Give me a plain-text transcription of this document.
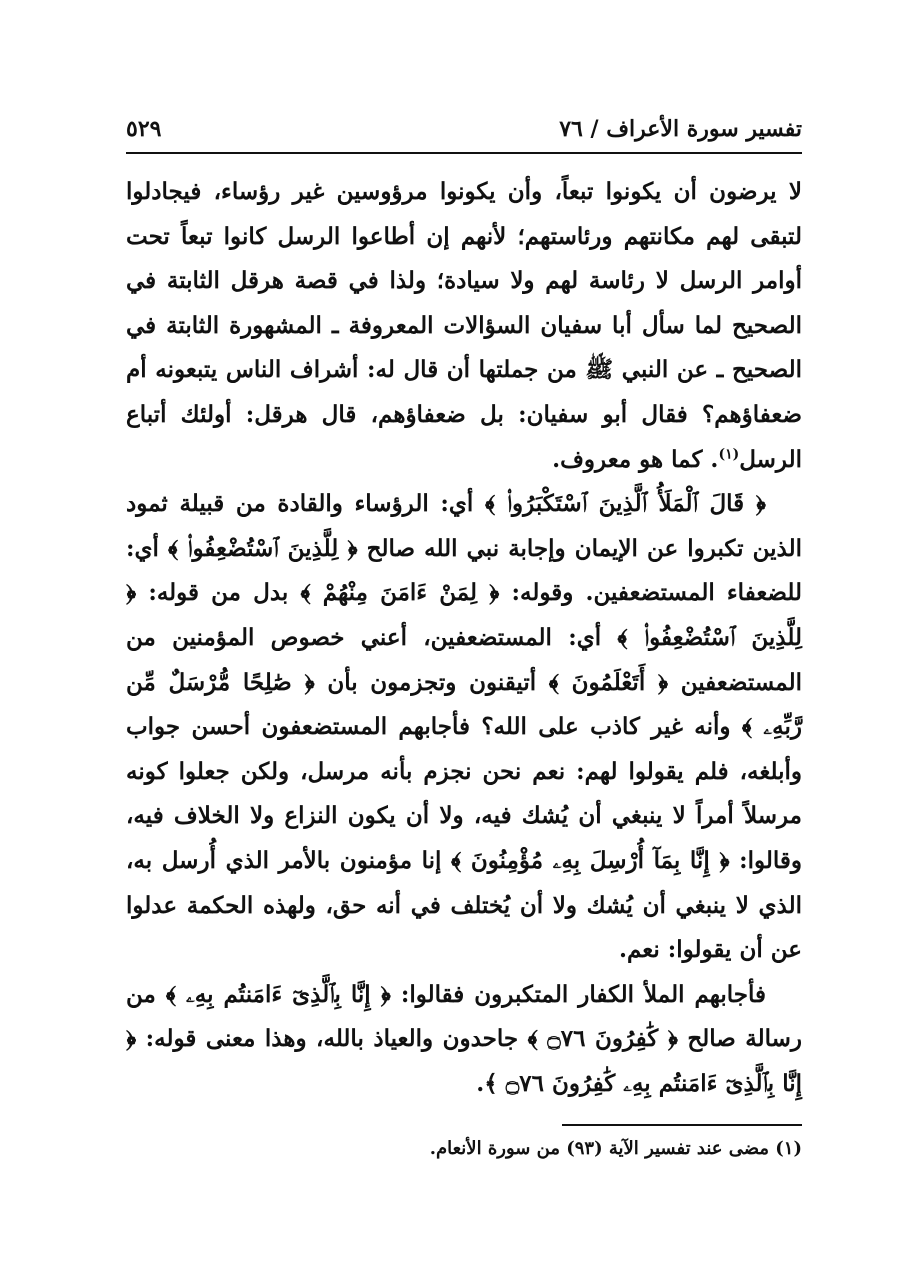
تفسير سورة الأعراف / ٧٦
٥٢٩

لا يرضون أن يكونوا تبعاً، وأن يكونوا مرؤوسين غير رؤساء، فيجادلوا لتبقى لهم مكانتهم ورئاستهم؛ لأنهم إن أطاعوا الرسل كانوا تبعاً تحت أوامر الرسل لا رئاسة لهم ولا سيادة؛ ولذا في قصة هرقل الثابتة في الصحيح لما سأل أبا سفيان السؤالات المعروفة ـ المشهورة الثابتة في الصحيح ـ عن النبي ﷺ من جملتها أن قال له: أشراف الناس يتبعونه أم ضعفاؤهم؟ فقال أبو سفيان: بل ضعفاؤهم، قال هرقل: أولئك أتباع الرسل$^{(١)}$. كما هو معروف.

﴿ قَالَ ٱلْمَلَأُ ٱلَّذِينَ ٱسْتَكْبَرُوا۟ ﴾ أي: الرؤساء والقادة من قبيلة ثمود الذين تكبروا عن الإيمان وإجابة نبي الله صالح ﴿ لِلَّذِينَ ٱسْتُضْعِفُوا۟ ﴾ أي: للضعفاء المستضعفين. وقوله: ﴿ لِمَنْ ءَامَنَ مِنْهُمْ ﴾ بدل من قوله: ﴿ لِلَّذِينَ ٱسْتُضْعِفُوا۟ ﴾ أي: المستضعفين، أعني خصوص المؤمنين من المستضعفين ﴿ أَتَعْلَمُونَ ﴾ أتيقنون وتجزمون بأن ﴿ صَٰلِحًا مُّرْسَلٌ مِّن رَّبِّهِۦ ﴾ وأنه غير كاذب على الله؟ فأجابهم المستضعفون أحسن جواب وأبلغه، فلم يقولوا لهم: نعم نحن نجزم بأنه مرسل، ولكن جعلوا كونه مرسلاً أمراً لا ينبغي أن يُشك فيه، ولا أن يكون النزاع ولا الخلاف فيه، وقالوا: ﴿ إِنَّا بِمَآ أُرْسِلَ بِهِۦ مُؤْمِنُونَ ﴾ إنا مؤمنون بالأمر الذي أُرسل به، الذي لا ينبغي أن يُشك ولا أن يُختلف في أنه حق، ولهذه الحكمة عدلوا عن أن يقولوا: نعم.

فأجابهم الملأ الكفار المتكبرون فقالوا: ﴿ إِنَّا بِٱلَّذِىٓ ءَامَنتُم بِهِۦ ﴾ من رسالة صالح ﴿ كَٰفِرُونَ ۝٧٦ ﴾ جاحدون والعياذ بالله، وهذا معنى قوله: ﴿ إِنَّا بِٱلَّذِىٓ ءَامَنتُم بِهِۦ كَٰفِرُونَ ۝٧٦ ﴾.

(١) مضى عند تفسير الآية (٩٣) من سورة الأنعام.
